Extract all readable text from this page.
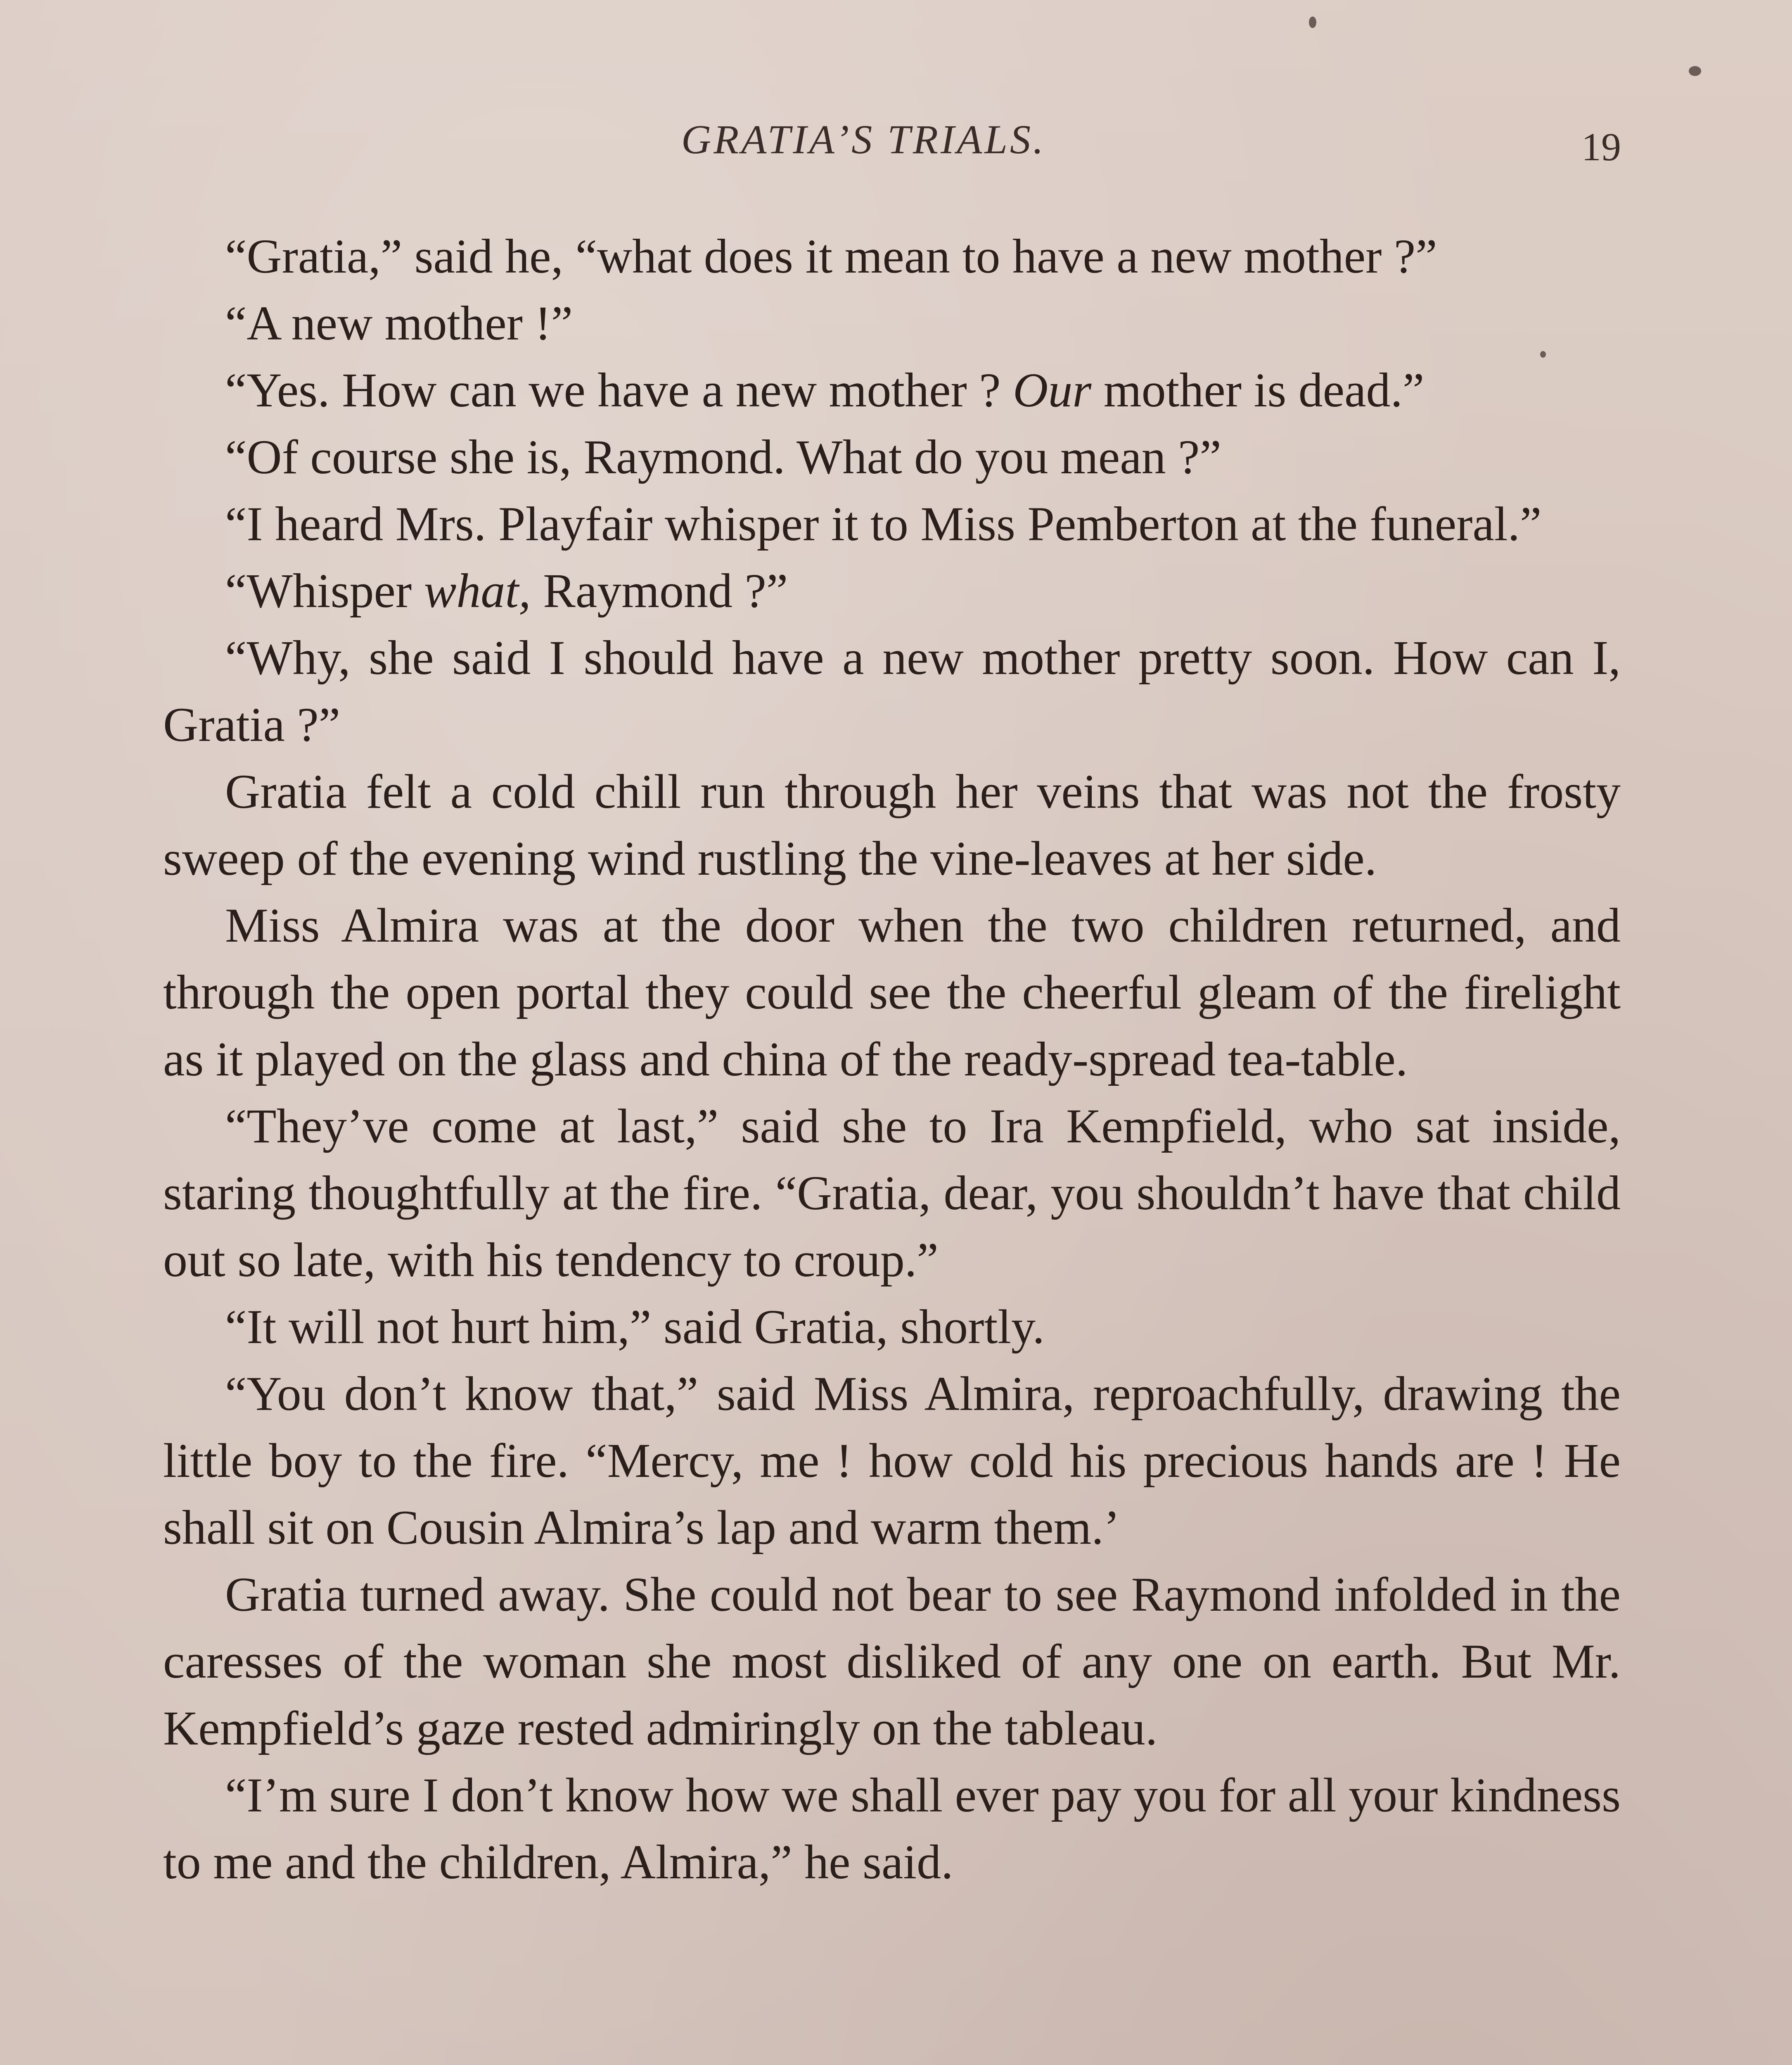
GRATIA’S TRIALS.	19

“Gratia,” said he, “what does it mean to have a new mother ?”

“A new mother !”

“Yes. How can we have a new mother ? Our mother is dead.”

“Of course she is, Raymond. What do you mean ?”

“I heard Mrs. Playfair whisper it to Miss Pemberton at the funeral.”

“Whisper what, Raymond ?”

“Why, she said I should have a new mother pretty soon. How can I, Gratia ?”

Gratia felt a cold chill run through her veins that was not the frosty sweep of the evening wind rustling the vine-leaves at her side.

Miss Almira was at the door when the two children returned, and through the open portal they could see the cheerful gleam of the firelight as it played on the glass and china of the ready-spread tea-table.

“They’ve come at last,” said she to Ira Kempfield, who sat inside, staring thoughtfully at the fire. “Gratia, dear, you shouldn’t have that child out so late, with his tendency to croup.”

“It will not hurt him,” said Gratia, shortly.

“You don’t know that,” said Miss Almira, reproachfully, drawing the little boy to the fire. “Mercy, me ! how cold his precious hands are ! He shall sit on Cousin Almira’s lap and warm them.’

Gratia turned away. She could not bear to see Raymond infolded in the caresses of the woman she most disliked of any one on earth. But Mr. Kempfield’s gaze rested admiringly on the tableau.

“I’m sure I don’t know how we shall ever pay you for all your kindness to me and the children, Almira,” he said.
